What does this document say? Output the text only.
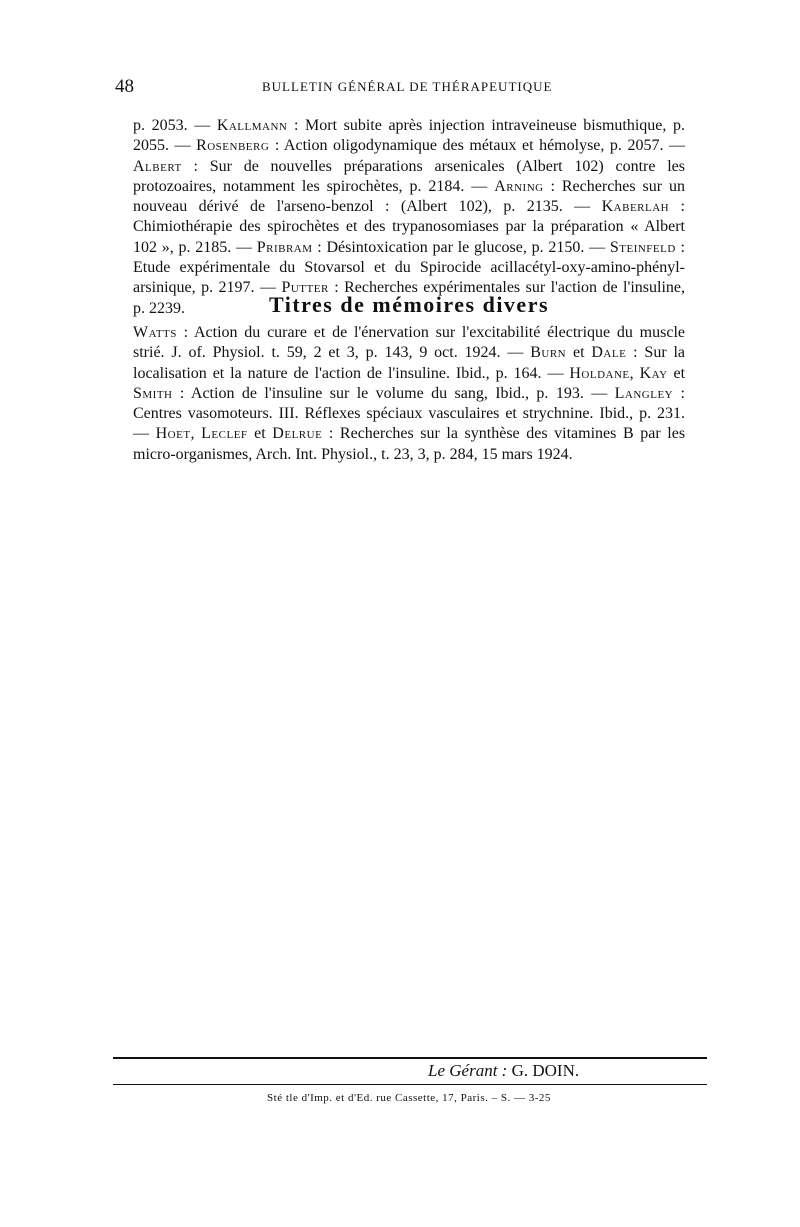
48	BULLETIN GÉNÉRAL DE THÉRAPEUTIQUE

p. 2053. — Kallmann : Mort subite après injection intraveineuse bismuthique, p. 2055. — Rosenberg : Action oligodynamique des métaux et hémolyse, p. 2057. — Albert : Sur de nouvelles préparations arsenicales (Albert 102) contre les protozoaires, notamment les spirochètes, p. 2184. — Arning : Recherches sur un nouveau dérivé de l'arseno-benzol : (Albert 102), p. 2135. — Kaberlah : Chimiothérapie des spirochètes et des trypanosomiases par la préparation « Albert 102 », p. 2185. — Pribram : Désintoxication par le glucose, p. 2150. — Steinfeld : Etude expérimentale du Stovarsol et du Spirocide acillacétyl-oxy-amino-phényl-arsinique, p. 2197. — Putter : Recherches expérimentales sur l'action de l'insuline, p. 2239.	Titres de mémoires divers

Watts : Action du curare et de l'énervation sur l'excitabilité électrique du muscle strié. J. of. Physiol. t. 59, 2 et 3, p. 143, 9 oct. 1924. — Burn et Dale : Sur la localisation et la nature de l'action de l'insuline. Ibid., p. 164. — Holdane, Kay et Smith : Action de l'insuline sur le volume du sang, Ibid., p. 193. — Langley : Centres vasomoteurs. III. Réflexes spéciaux vasculaires et strychnine. Ibid., p. 231. — Hoet, Leclef et Delrue : Recherches sur la synthèse des vitamines B par les micro-organismes, Arch. Int. Physiol., t. 23, 3, p. 284, 15 mars 1924.

Le Gérant : G. DOIN.
Sté tle d'Imp. et d'Ed. rue Cassette, 17, Paris. – S. — 3-25
